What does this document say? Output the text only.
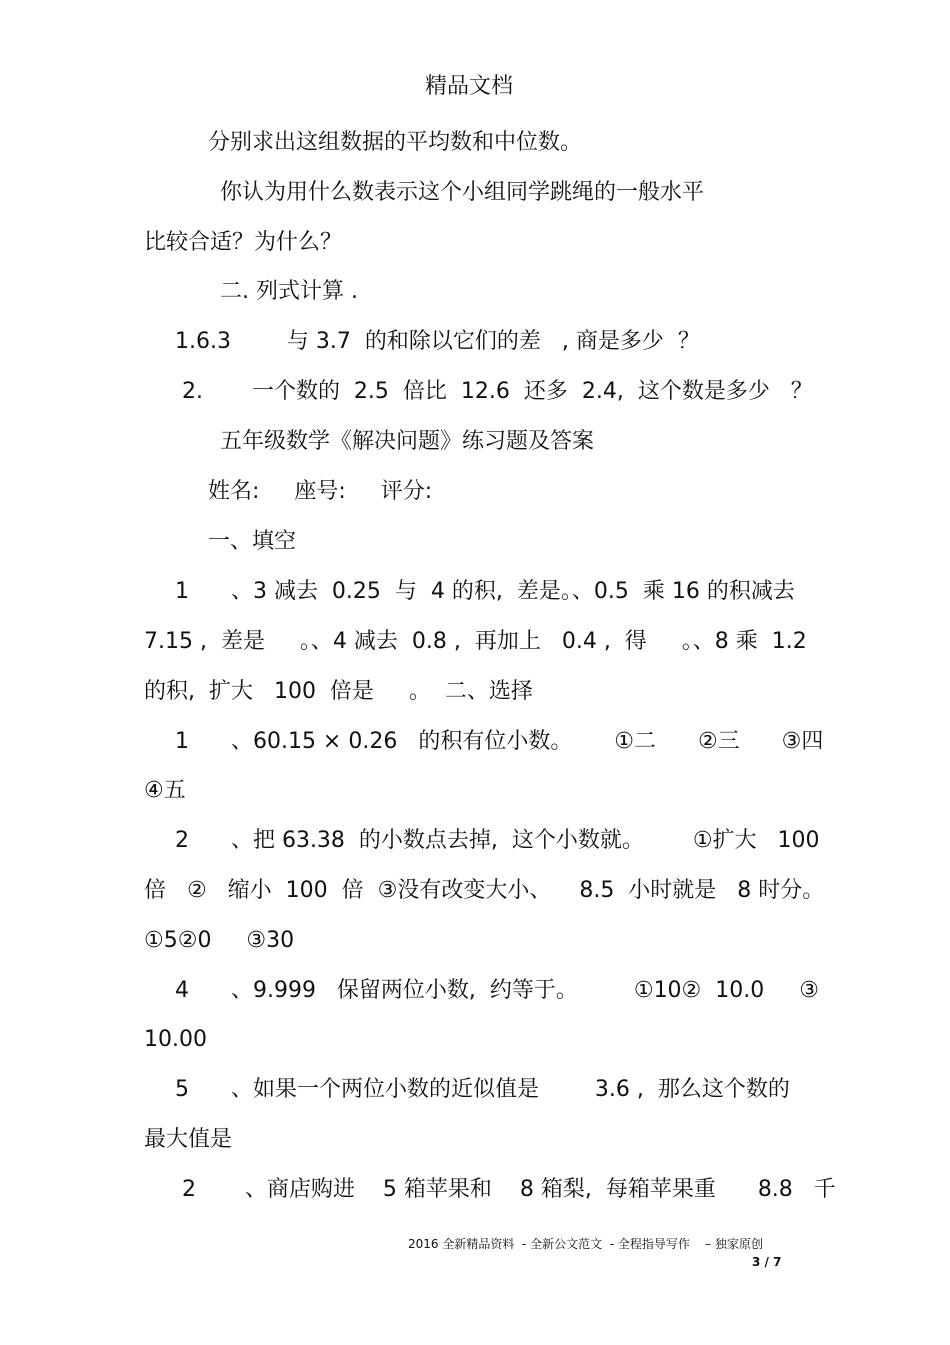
精品文档
分别求出这组数据的平均数和中位数。
你认为用什么数表示这个小组同学跳绳的一般水平
比较合适？为什么？
二. 列式计算 .
1.6.3        与 3.7  的和除以它们的差   , 商是多少  ？
2.       一个数的  2.5  倍比  12.6  还多  2.4,  这个数是多少   ？
五年级数学《解决问题》练习题及答案
姓名:     座号:     评分:
一、填空
1      、3 减去  0.25  与  4 的积,  差是。、0.5  乘 16 的积减去
7.15 ,  差是     。、4 减去  0.8 ,  再加上   0.4 ,  得     。、8 乘  1.2
的积,  扩大   100  倍是     。  二、选择
1      、60.15 × 0.26   的积有位小数。      ①二      ②三      ③四
④五
2      、把 63.38  的小数点去掉,  这个小数就。       ①扩大   100
倍   ②   缩小  100  倍  ③没有改变大小、    8.5  小时就是   8 时分。
①5②0     ③30
4      、9.999   保留两位小数,  约等于。        ①10②  10.0     ③
10.00
5      、如果一个两位小数的近似值是        3.6 ,  那么这个数的
最大值是
2       、商店购进    5 箱苹果和    8 箱梨,  每箱苹果重      8.8   千
2016 全新精品资料  - 全新公文范文  - 全程指导写作    – 独家原创
3 / 7
